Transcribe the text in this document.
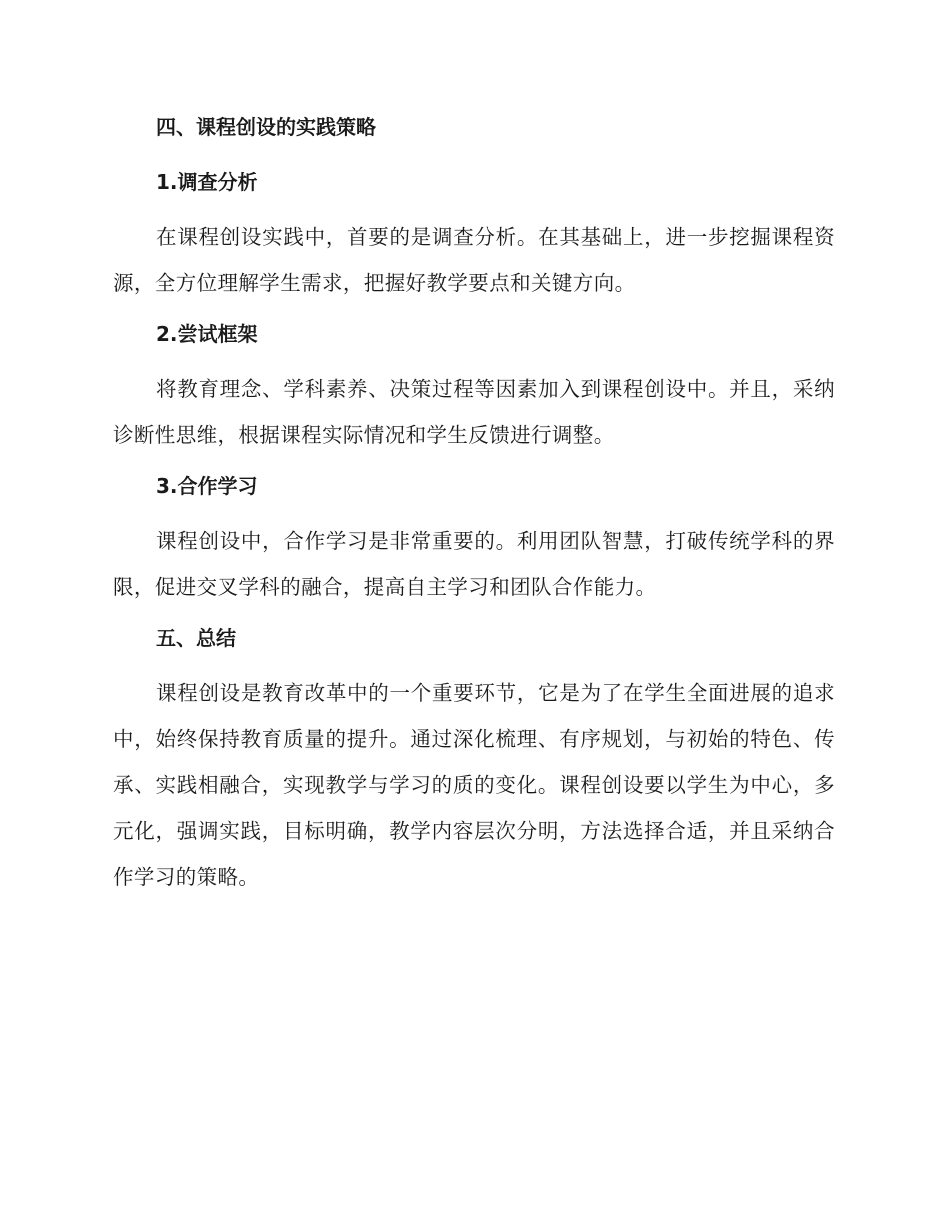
四、课程创设的实践策略
1.调查分析

在课程创设实践中，首要的是调查分析。在其基础上，进一步挖掘课程资源，全方位理解学生需求，把握好教学要点和关键方向。

2.尝试框架

将教育理念、学科素养、决策过程等因素加入到课程创设中。并且，采纳诊断性思维，根据课程实际情况和学生反馈进行调整。

3.合作学习

课程创设中，合作学习是非常重要的。利用团队智慧，打破传统学科的界限，促进交叉学科的融合，提高自主学习和团队合作能力。

五、总结

课程创设是教育改革中的一个重要环节，它是为了在学生全面进展的追求中，始终保持教育质量的提升。通过深化梳理、有序规划，与初始的特色、传承、实践相融合，实现教学与学习的质的变化。课程创设要以学生为中心，多元化，强调实践，目标明确，教学内容层次分明，方法选择合适，并且采纳合作学习的策略。
